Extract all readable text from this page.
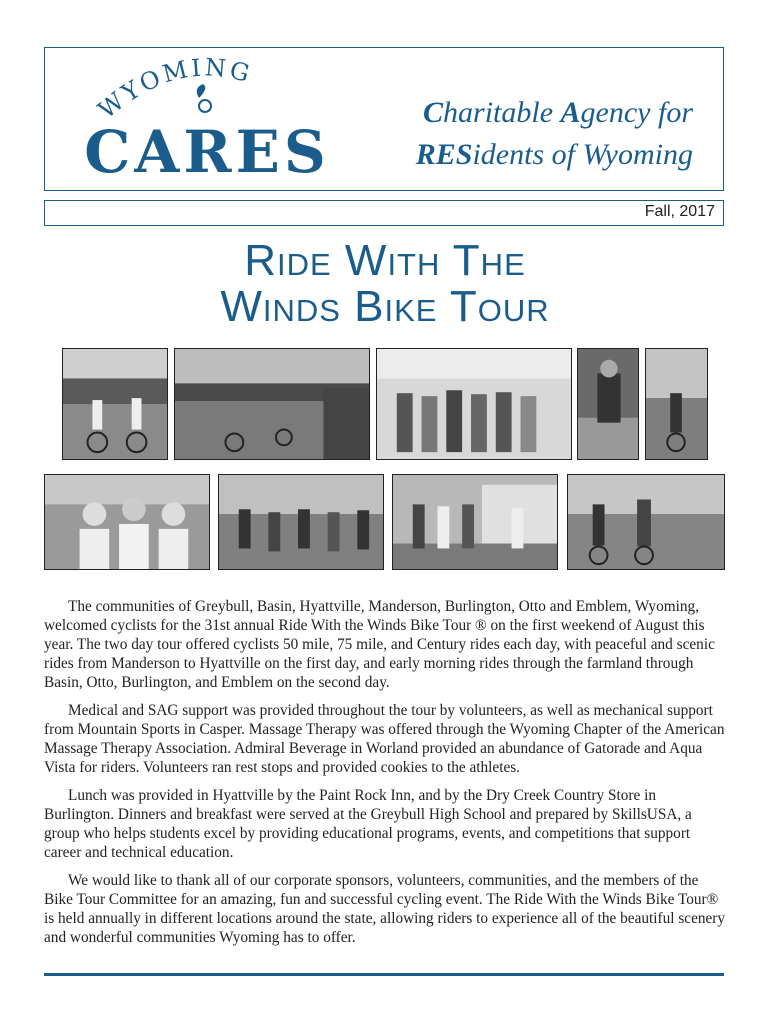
WYOMING
CARES
Charitable Agency for
RESidents of Wyoming
Fall, 2017
Ride With The
Winds Bike Tour

The communities of Greybull, Basin, Hyattville, Manderson, Burlington, Otto and Emblem, Wyoming, welcomed cyclists for the 31st annual Ride With the Winds Bike Tour ® on the first weekend of August this year. The two day tour offered cyclists 50 mile, 75 mile, and Century rides each day, with peaceful and scenic rides from Manderson to Hyattville on the first day, and early morning rides through the farmland through Basin, Otto, Burlington, and Emblem on the second day.

Medical and SAG support was provided throughout the tour by volunteers, as well as mechanical support from Mountain Sports in Casper. Massage Therapy was offered through the Wyoming Chapter of the American Massage Therapy Association. Admiral Beverage in Worland provided an abundance of Gatorade and Aqua Vista for riders. Volunteers ran rest stops and provided cookies to the athletes.

Lunch was provided in Hyattville by the Paint Rock Inn, and by the Dry Creek Country Store in Burlington. Dinners and breakfast were served at the Greybull High School and prepared by SkillsUSA, a group who helps students excel by providing educational programs, events, and competitions that support career and technical education.

We would like to thank all of our corporate sponsors, volunteers, communities, and the members of the Bike Tour Committee for an amazing, fun and successful cycling event. The Ride With the Winds Bike Tour® is held annually in different locations around the state, allowing riders to experience all of the beautiful scenery and wonderful communities Wyoming has to offer.
